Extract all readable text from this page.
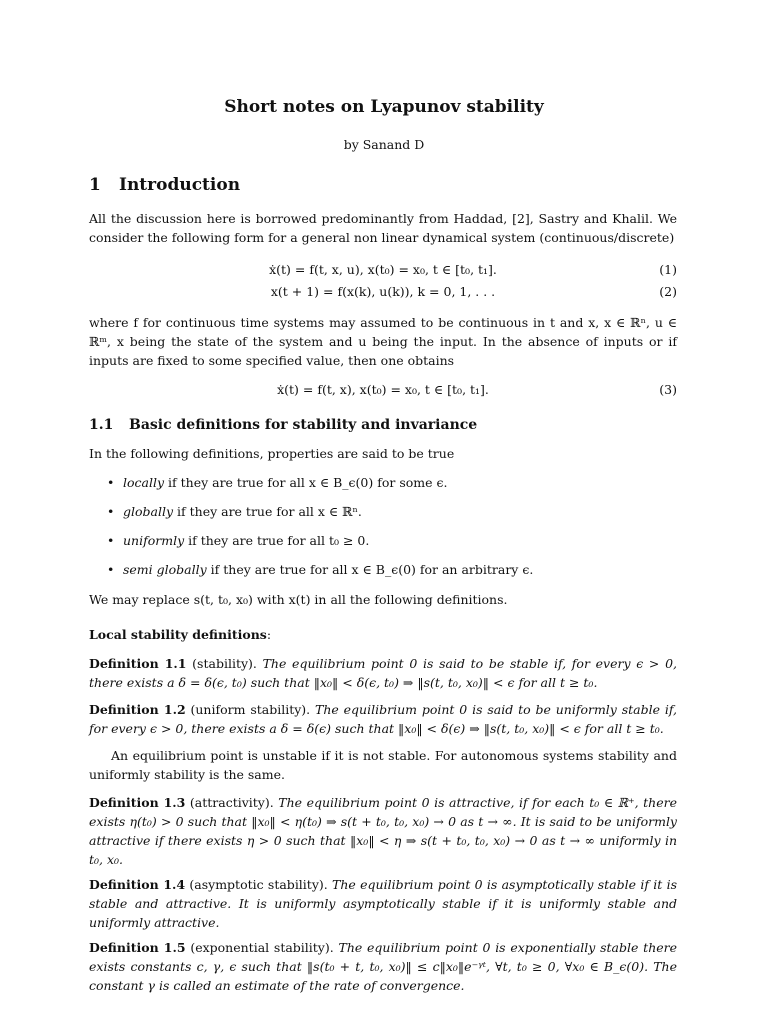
Short notes on Lyapunov stability
by Sanand D
1 Introduction
All the discussion here is borrowed predominantly from Haddad, [2], Sastry and Khalil. We consider the following form for a general non linear dynamical system (continuous/discrete)
ẋ(t) = f(t, x, u), x(t₀) = x₀, t ∈ [t₀, t₁].	(1)
x(t + 1) = f(x(k), u(k)), k = 0, 1, . . .	(2)
where f for continuous time systems may assumed to be continuous in t and x, x ∈ ℝⁿ, u ∈ ℝᵐ, x being the state of the system and u being the input. In the absence of inputs or if inputs are fixed to some specified value, then one obtains
ẋ(t) = f(t, x), x(t₀) = x₀, t ∈ [t₀, t₁].	(3)
1.1 Basic definitions for stability and invariance
In the following definitions, properties are said to be true
• locally if they are true for all x ∈ B_ϵ(0) for some ϵ.
• globally if they are true for all x ∈ ℝⁿ.
• uniformly if they are true for all t₀ ≥ 0.
• semi globally if they are true for all x ∈ B_ϵ(0) for an arbitrary ϵ.
We may replace s(t, t₀, x₀) with x(t) in all the following definitions.
Local stability definitions:
Definition 1.1 (stability). The equilibrium point 0 is said to be stable if, for every ϵ > 0, there exists a δ = δ(ϵ, t₀) such that ‖x₀‖ < δ(ϵ, t₀) ⇒ ‖s(t, t₀, x₀)‖ < ϵ for all t ≥ t₀.
Definition 1.2 (uniform stability). The equilibrium point 0 is said to be uniformly stable if, for every ϵ > 0, there exists a δ = δ(ϵ) such that ‖x₀‖ < δ(ϵ) ⇒ ‖s(t, t₀, x₀)‖ < ϵ for all t ≥ t₀.
An equilibrium point is unstable if it is not stable. For autonomous systems stability and uniformly stability is the same.
Definition 1.3 (attractivity). The equilibrium point 0 is attractive, if for each t₀ ∈ ℝ⁺, there exists η(t₀) > 0 such that ‖x₀‖ < η(t₀) ⇒ s(t + t₀, t₀, x₀) → 0 as t → ∞. It is said to be uniformly attractive if there exists η > 0 such that ‖x₀‖ < η ⇒ s(t + t₀, t₀, x₀) → 0 as t → ∞ uniformly in t₀, x₀.
Definition 1.4 (asymptotic stability). The equilibrium point 0 is asymptotically stable if it is stable and attractive. It is uniformly asymptotically stable if it is uniformly stable and uniformly attractive.
Definition 1.5 (exponential stability). The equilibrium point 0 is exponentially stable there exists constants c, γ, ϵ such that ‖s(t₀ + t, t₀, x₀)‖ ≤ c‖x₀‖e⁻ᵞᵗ, ∀t, t₀ ≥ 0, ∀x₀ ∈ B_ϵ(0). The constant γ is called an estimate of the rate of convergence.
